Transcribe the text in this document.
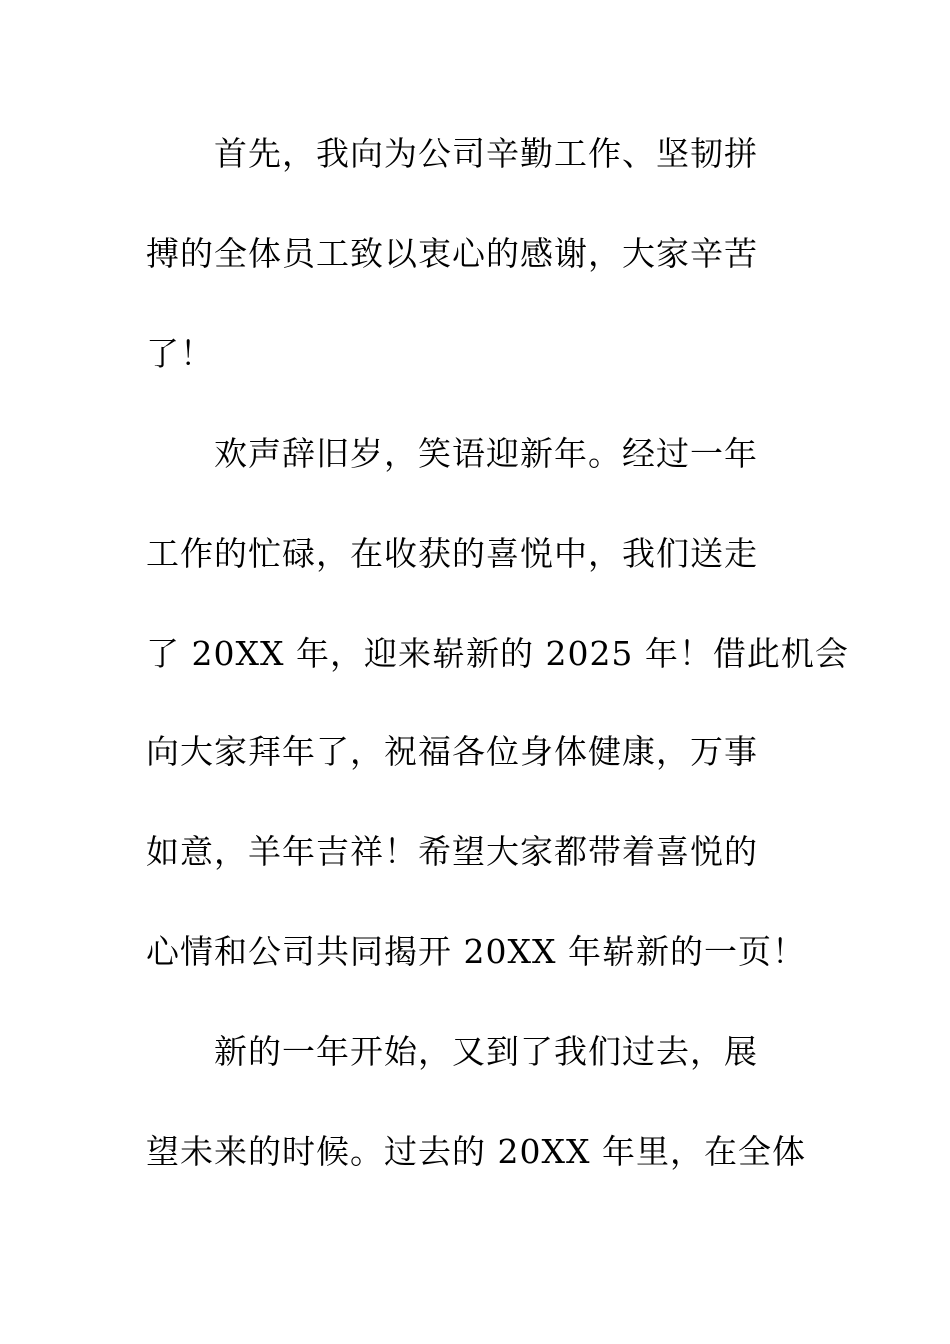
首先，我向为公司辛勤工作、坚韧拼
搏的全体员工致以衷心的感谢，大家辛苦
了！
欢声辞旧岁，笑语迎新年。经过一年
工作的忙碌，在收获的喜悦中，我们送走
了 20XX 年，迎来崭新的 2025 年！借此机会
向大家拜年了，祝福各位身体健康，万事
如意，羊年吉祥！希望大家都带着喜悦的
心情和公司共同揭开 20XX 年崭新的一页！
新的一年开始，又到了我们过去，展
望未来的时候。过去的 20XX 年里，在全体
